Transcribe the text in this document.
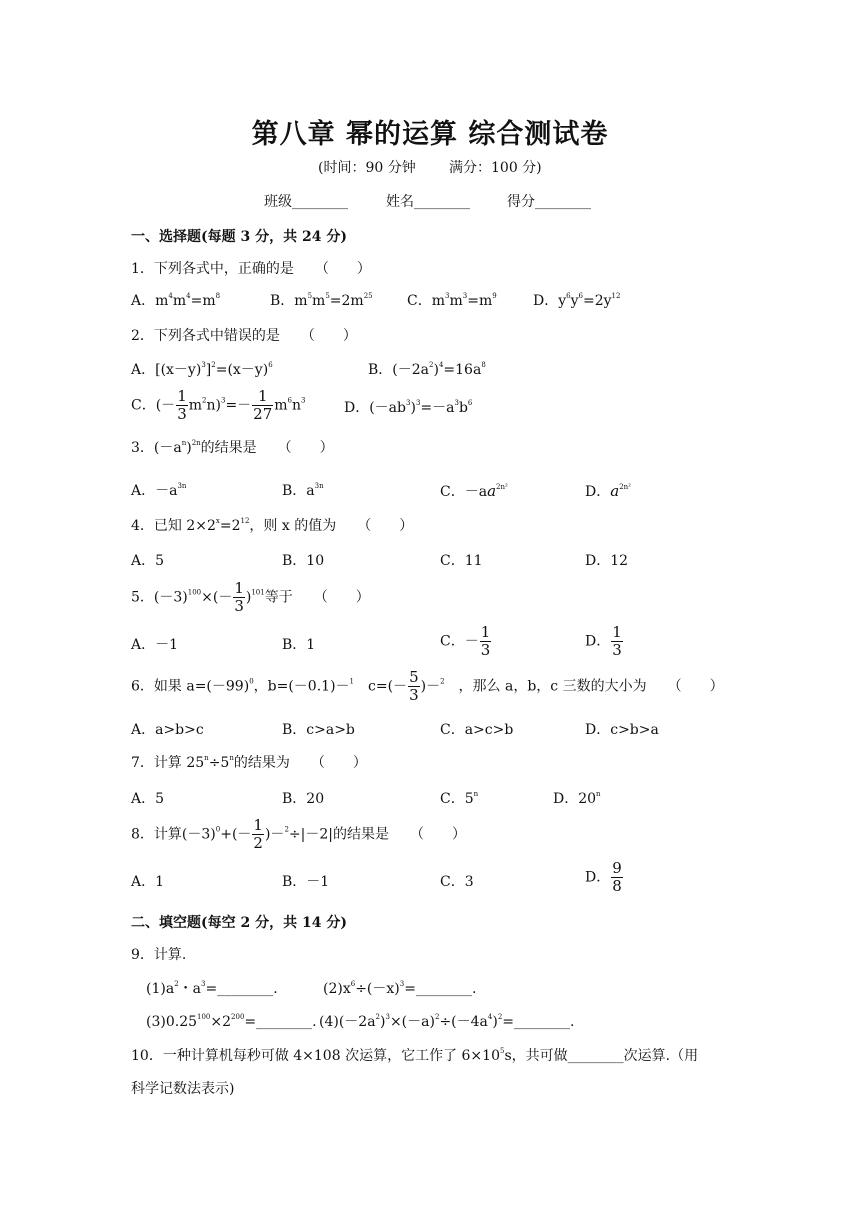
第八章 幂的运算 综合测试卷
(时间：90 分钟 满分：100 分)
班级________	姓名________	得分________
一、选择题(每题 3 分，共 24 分)
1．下列各式中，正确的是　　（　　）
A．$m^4m^4=m^8$	B．$m^5m^5=2m^{25}$ C．$m^3m^3=m^9$	D．$y^6y^6=2y^{12}$
2．下列各式中错误的是　　（　　）
A．$[(x-y)^3]^2=(x-y)^6$	B．$(-2a^2)^4=16a^8$
C．(－ $\frac{1}{3} m^2n)^3=- \frac{1}{27} m^6n^3$	D．$(-ab^3)^3=-a^3b^6$
3．$(-a^n)^{2n}$的结果是　　（　　）
A．$-a^{3n}$	B．$a^{3n}$	C．$-aa^{2n^2}$	D．$a^{2n^2}$
4．已知 $2\times 2^x=2^{12}$，则 x 的值为　　（　　）
A．5	B．10	C．11	D．12
5．$(-3)^{100}\times(- \frac{1}{3} )^{101}$等于　　（　　）
A．－1	B．1	C．－ $\frac{1}{3}$	D． $\frac{1}{3}$
6．如果 $a=(-99)^0$，b=(－0.1)－$^1$　$c=(- \frac{5}{3} )-^2$　 ，那么 a，b，c 三数的大小为　　（　　）
A．a>b>c	B．c>a>b	C．a>c>b	D．c>b>a
7．计算 $25^n\div 5^n$的结果为　　（　　）
A．5	B．20	C．5$^n$	D．20$^n$
8．计算$(-3)^0+(- \frac{1}{2} )-^2\div|-2|$的结果是　　（　　）
A．1	B．－1	C．3	D． $\frac{9}{8}$
二、填空题(每空 2 分，共 14 分)
9．计算.
$(1)a^2$・$a^3=\_\_\_\_\_\_\_\_$.	$(2)x^6\div(-x)^3=\_\_\_\_\_\_\_\_$.
$(3)0.25^{100}\times 2^{200}=\_\_\_\_\_\_\_\_$. $(4)(-2a^2)^3\times(-a)^2\div(-4a^4)^2=\_\_\_\_\_\_\_\_$.
10．一种计算机每秒可做 4×108 次运算，它工作了 $6\times 10^5s$，共可做________次运算.（用
科学记数法表示)
